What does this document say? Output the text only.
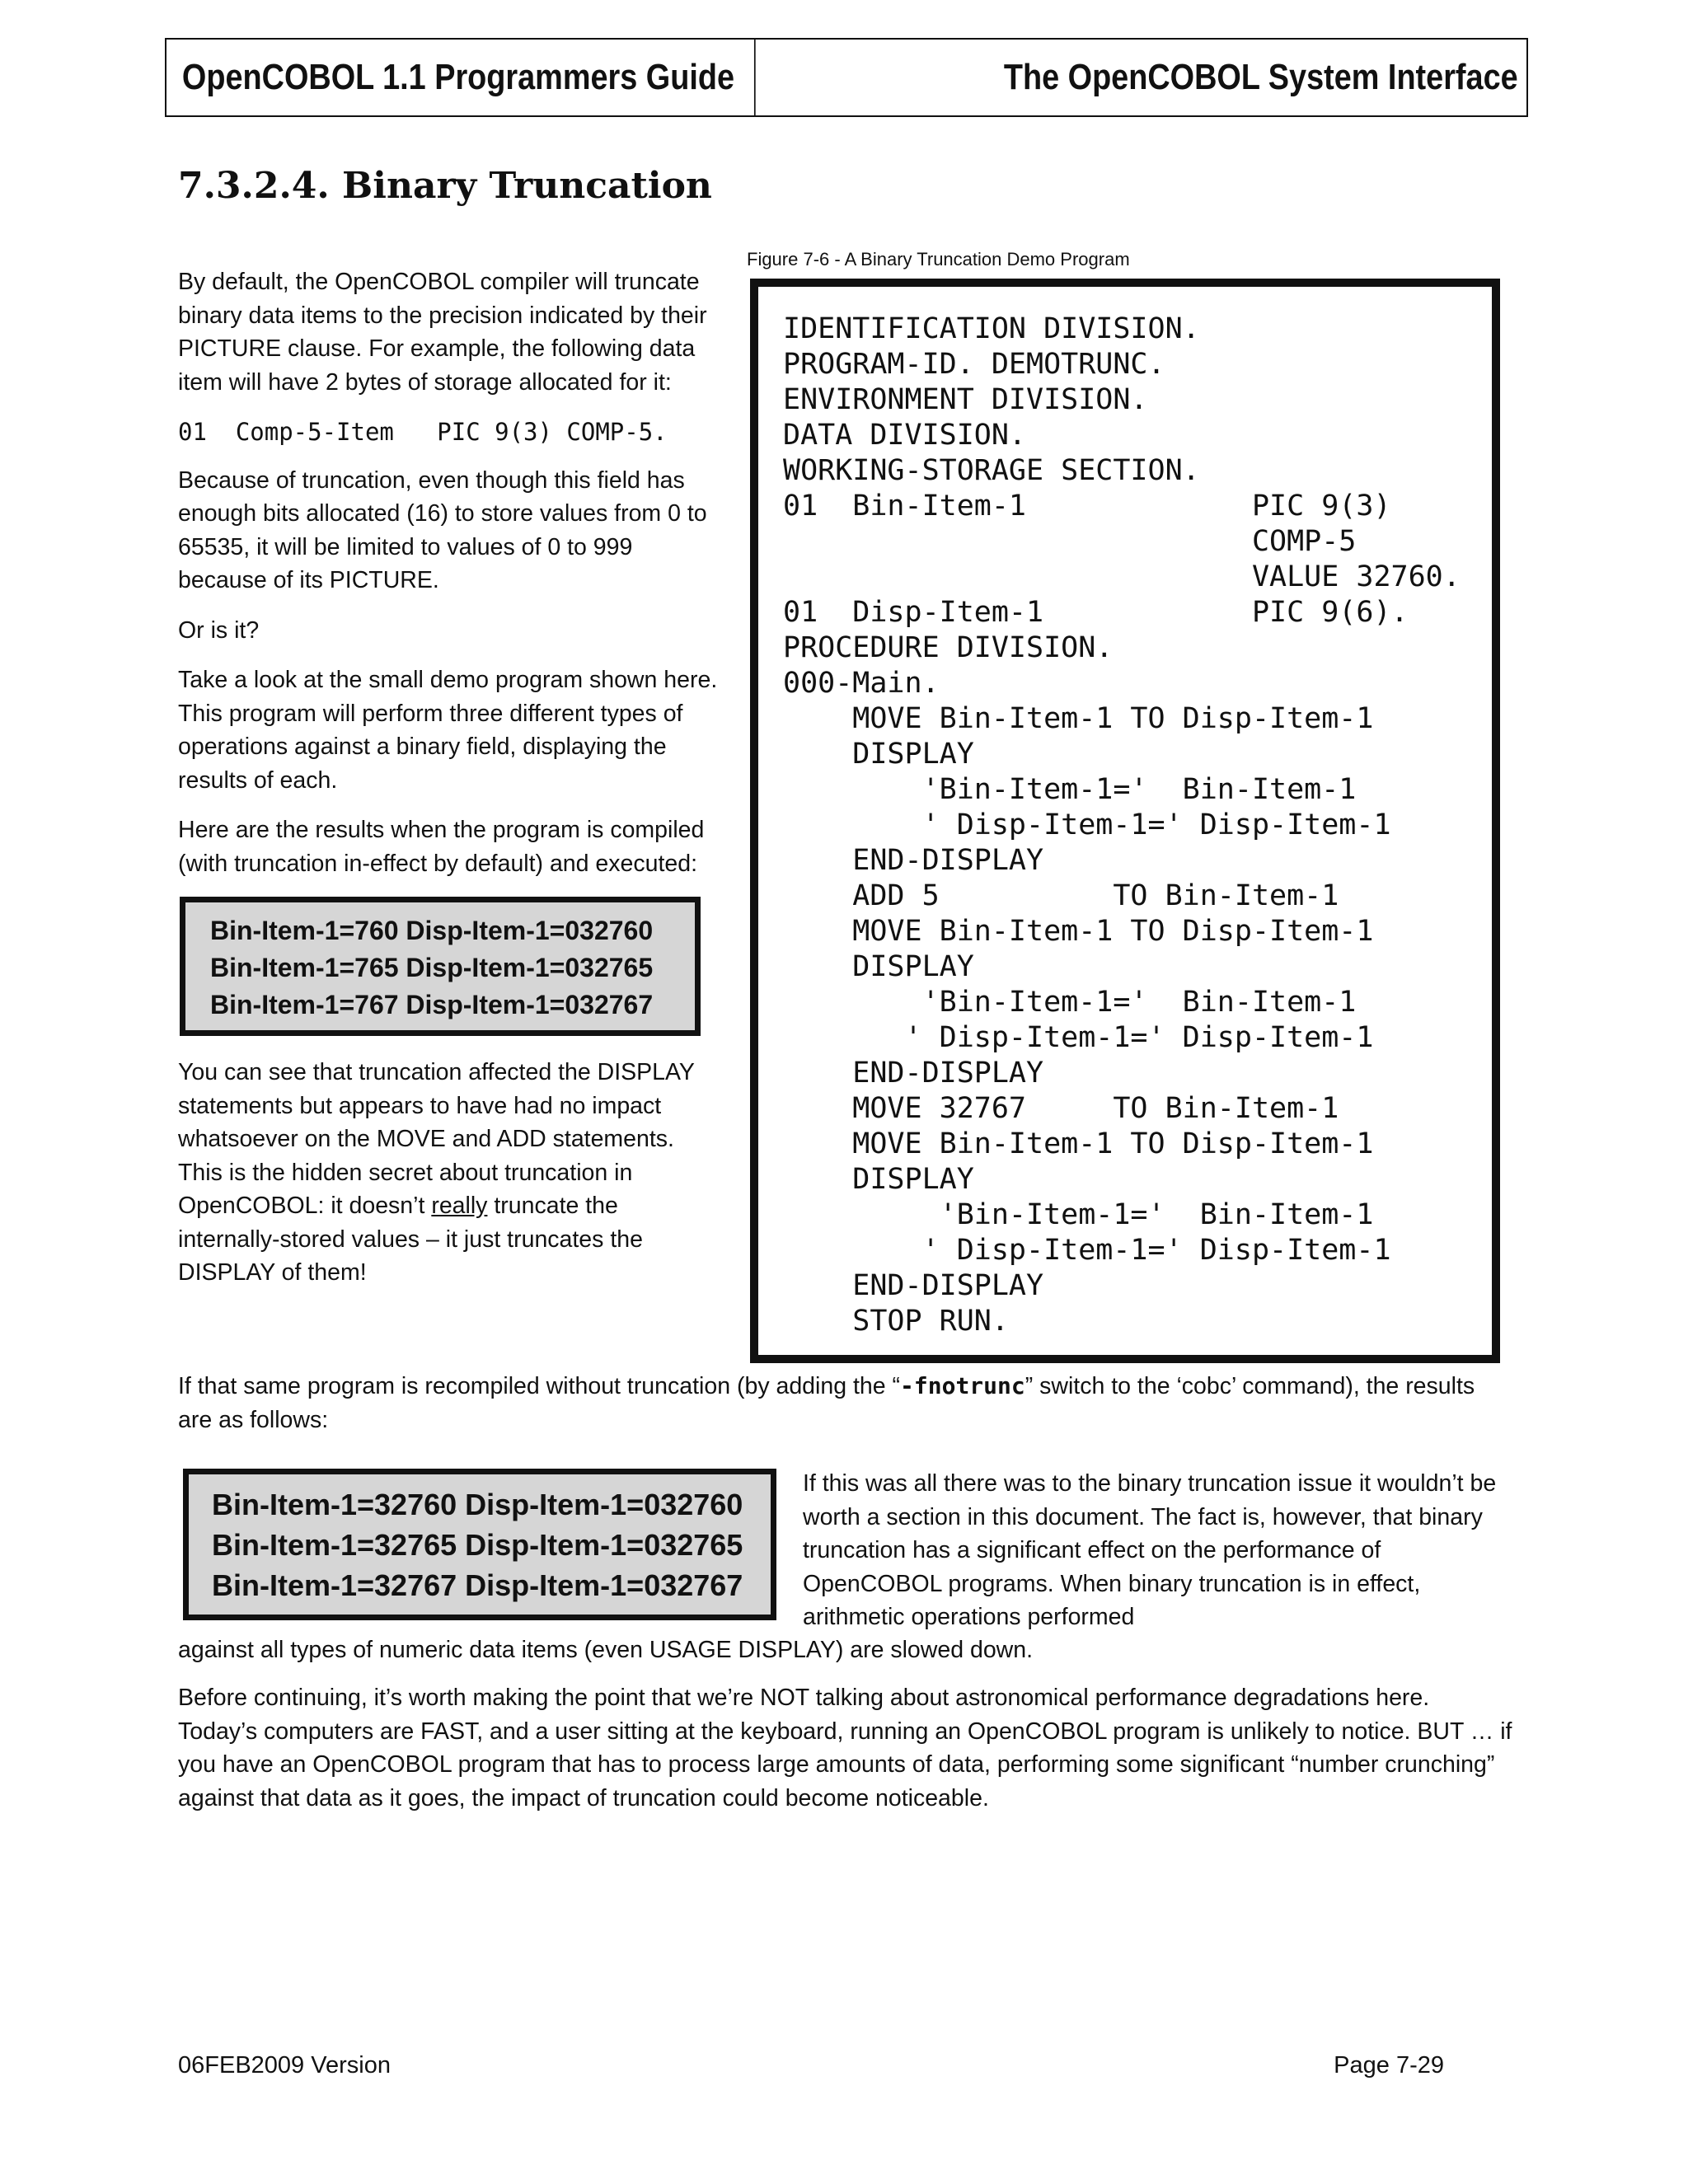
OpenCOBOL 1.1 Programmers Guide	The OpenCOBOL System Interface
7.3.2.4. Binary Truncation

By default, the OpenCOBOL compiler will truncate binary data items to the precision indicated by their PICTURE clause. For example, the following data item will have 2 bytes of storage allocated for it:

01  Comp-5-Item   PIC 9(3) COMP-5.

Because of truncation, even though this field has enough bits allocated (16) to store values from 0 to 65535, it will be limited to values of 0 to 999 because of its PICTURE.

Or is it?

Take a look at the small demo program shown here. This program will perform three different types of operations against a binary field, displaying the results of each.

Here are the results when the program is compiled (with truncation in-effect by default) and executed:

Bin-Item-1=760 Disp-Item-1=032760
Bin-Item-1=765 Disp-Item-1=032765
Bin-Item-1=767 Disp-Item-1=032767

You can see that truncation affected the DISPLAY statements but appears to have had no impact whatsoever on the MOVE and ADD statements. This is the hidden secret about truncation in OpenCOBOL: it doesn’t really truncate the internally-stored values – it just truncates the DISPLAY of them!

Figure 7-6 - A Binary Truncation Demo Program
IDENTIFICATION DIVISION.
PROGRAM-ID. DEMOTRUNC.
ENVIRONMENT DIVISION.
DATA DIVISION.
WORKING-STORAGE SECTION.
01  Bin-Item-1             PIC 9(3)
COMP-5
VALUE 32760.
01  Disp-Item-1            PIC 9(6).
PROCEDURE DIVISION.
000-Main.
MOVE Bin-Item-1 TO Disp-Item-1
DISPLAY
'Bin-Item-1='  Bin-Item-1
' Disp-Item-1=' Disp-Item-1
END-DISPLAY
ADD 5          TO Bin-Item-1
MOVE Bin-Item-1 TO Disp-Item-1
DISPLAY
'Bin-Item-1='  Bin-Item-1
' Disp-Item-1=' Disp-Item-1
END-DISPLAY
MOVE 32767     TO Bin-Item-1
MOVE Bin-Item-1 TO Disp-Item-1
DISPLAY
'Bin-Item-1='  Bin-Item-1
' Disp-Item-1=' Disp-Item-1
END-DISPLAY
STOP RUN.

If that same program is recompiled without truncation (by adding the “-fnotrunc” switch to the ‘cobc’ command), the results are as follows:

Bin-Item-1=32760 Disp-Item-1=032760
Bin-Item-1=32765 Disp-Item-1=032765
Bin-Item-1=32767 Disp-Item-1=032767

If this was all there was to the binary truncation issue it wouldn’t be worth a section in this document. The fact is, however, that binary truncation has a significant effect on the performance of OpenCOBOL programs. When binary truncation is in effect, arithmetic operations performed

against all types of numeric data items (even USAGE DISPLAY) are slowed down.

Before continuing, it’s worth making the point that we’re NOT talking about astronomical performance degradations here. Today’s computers are FAST, and a user sitting at the keyboard, running an OpenCOBOL program is unlikely to notice. BUT … if you have an OpenCOBOL program that has to process large amounts of data, performing some significant “number crunching” against that data as it goes, the impact of truncation could become noticeable.

06FEB2009 Version	Page 7-29
